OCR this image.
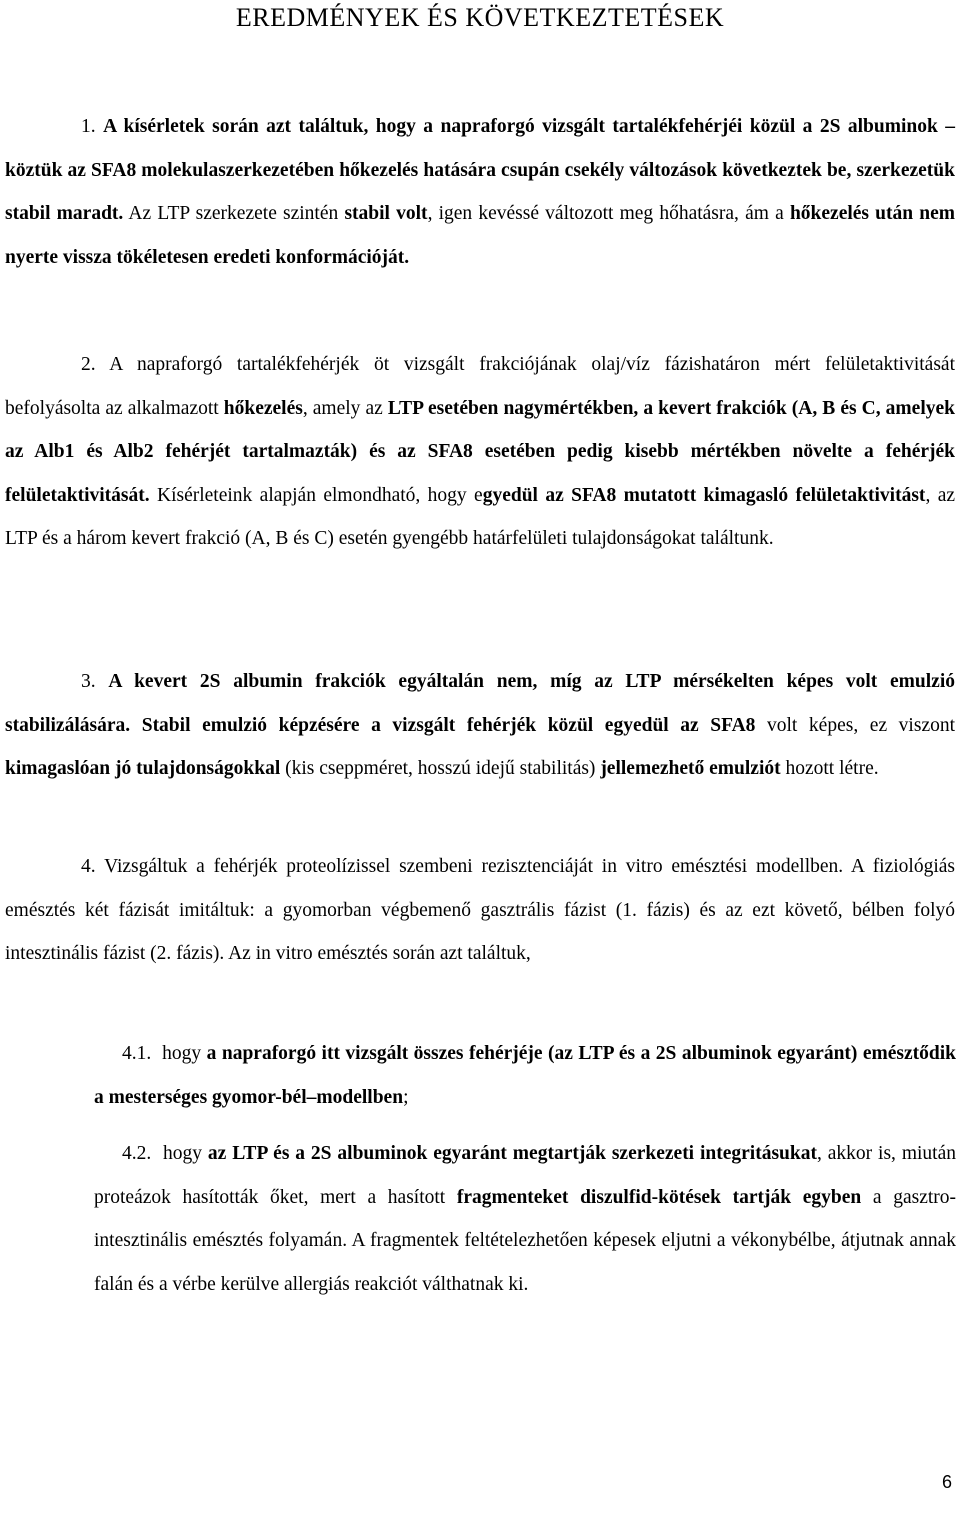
EREDMÉNYEK ÉS KÖVETKEZTETÉSEK

1. A kísérletek során azt találtuk, hogy a napraforgó vizsgált tartalékfehérjéi közül a 2S albuminok – köztük az SFA8 molekulaszerkezetében hőkezelés hatására csupán csekély változások következtek be, szerkezetük stabil maradt. Az LTP szerkezete szintén stabil volt, igen kevéssé változott meg hőhatásra, ám a hőkezelés után nem nyerte vissza tökéletesen eredeti konformációját.

2. A napraforgó tartalékfehérjék öt vizsgált frakciójának olaj/víz fázishatáron mért felületaktivitását befolyásolta az alkalmazott hőkezelés, amely az LTP esetében nagymértékben, a kevert frakciók (A, B és C, amelyek az Alb1 és Alb2 fehérjét tartalmazták) és az SFA8 esetében pedig kisebb mértékben növelte a fehérjék felületaktivitását. Kísérleteink alapján elmondható, hogy egyedül az SFA8 mutatott kimagasló felületaktivitást, az LTP és a három kevert frakció (A, B és C) esetén gyengébb határfelületi tulajdonságokat találtunk.

3. A kevert 2S albumin frakciók egyáltalán nem, míg az LTP mérsékelten képes volt emulzió stabilizálására. Stabil emulzió képzésére a vizsgált fehérjék közül egyedül az SFA8 volt képes, ez viszont kimagaslóan jó tulajdonságokkal (kis cseppméret, hosszú idejű stabilitás) jellemezhető emulziót hozott létre.

4. Vizsgáltuk a fehérjék proteolízissel szembeni rezisztenciáját in vitro emésztési modellben. A fiziológiás emésztés két fázisát imitáltuk: a gyomorban végbemenő gasztrális fázist (1. fázis) és az ezt követő, bélben folyó intesztinális fázist (2. fázis). Az in vitro emésztés során azt találtuk,

4.1. hogy a napraforgó itt vizsgált összes fehérjéje (az LTP és a 2S albuminok egyaránt) emésztődik a mesterséges gyomor-bél–modellben;

4.2. hogy az LTP és a 2S albuminok egyaránt megtartják szerkezeti integritásukat, akkor is, miután proteázok hasították őket, mert a hasított fragmenteket diszulfid-kötések tartják egyben a gasztro-intesztinális emésztés folyamán. A fragmentek feltételezhetően képesek eljutni a vékonybélbe, átjutnak annak falán és a vérbe kerülve allergiás reakciót válthatnak ki.

6
